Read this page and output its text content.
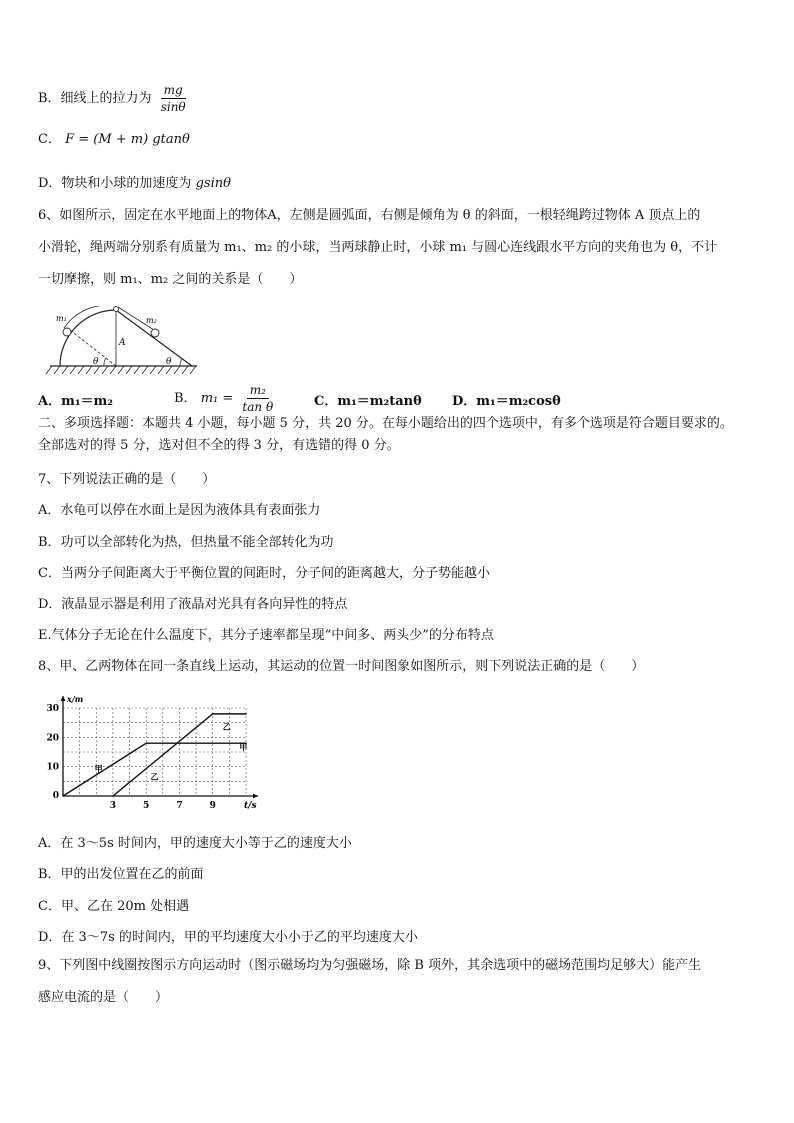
B．细线上的拉力为 $\frac{mg}{\sin\theta}$
C． F = (M + m) gtanθ
D．物块和小球的加速度为 gsinθ
6、如图所示，固定在水平地面上的物体A，左侧是圆弧面，右侧是倾角为 θ 的斜面，一根轻绳跨过物体 A 顶点上的
小滑轮，绳两端分别系有质量为 m₁、m₂ 的小球，当两球静止时，小球 m₁ 与圆心连线跟水平方向的夹角也为 θ，不计
一切摩擦，则 m₁、m₂ 之间的关系是（　　）
m₁	m₂
A
θ	θ
A．m₁＝m₂	B． $m_1 = \frac{\text{m₂}}{\text{tan θ}}$	C．m₁＝m₂tanθ D．m₁＝m₂cosθ
二、多项选择题：本题共 4 小题，每小题 5 分，共 20 分。在每小题给出的四个选项中，有多个选项是符合题目要求的。
全部选对的得 5 分，选对但不全的得 3 分，有选错的得 0 分。
7、下列说法正确的是（　　）
A．水龟可以停在水面上是因为液体具有表面张力
B．功可以全部转化为热，但热量不能全部转化为功
C．当两分子间距离大于平衡位置的间距时，分子间的距离越大，分子势能越小
D．液晶显示器是利用了液晶对光具有各向异性的特点
E.气体分子无论在什么温度下，其分子速率都呈现“中间多、两头少”的分布特点
8、甲、乙两物体在同一条直线上运动，其运动的位置一时间图象如图所示，则下列说法正确的是（　　）
x/m
t/s
0
10
20
30
3	5	7	9
甲
甲
乙
乙
A．在 3～5s 时间内，甲的速度大小等于乙的速度大小
B．甲的出发位置在乙的前面
C．甲、乙在 20m 处相遇
D．在 3～7s 的时间内，甲的平均速度大小小于乙的平均速度大小
9、下列图中线圈按图示方向运动时（图示磁场均为匀强磁场，除 B 项外，其余选项中的磁场范围均足够大）能产生
感应电流的是（　　）
